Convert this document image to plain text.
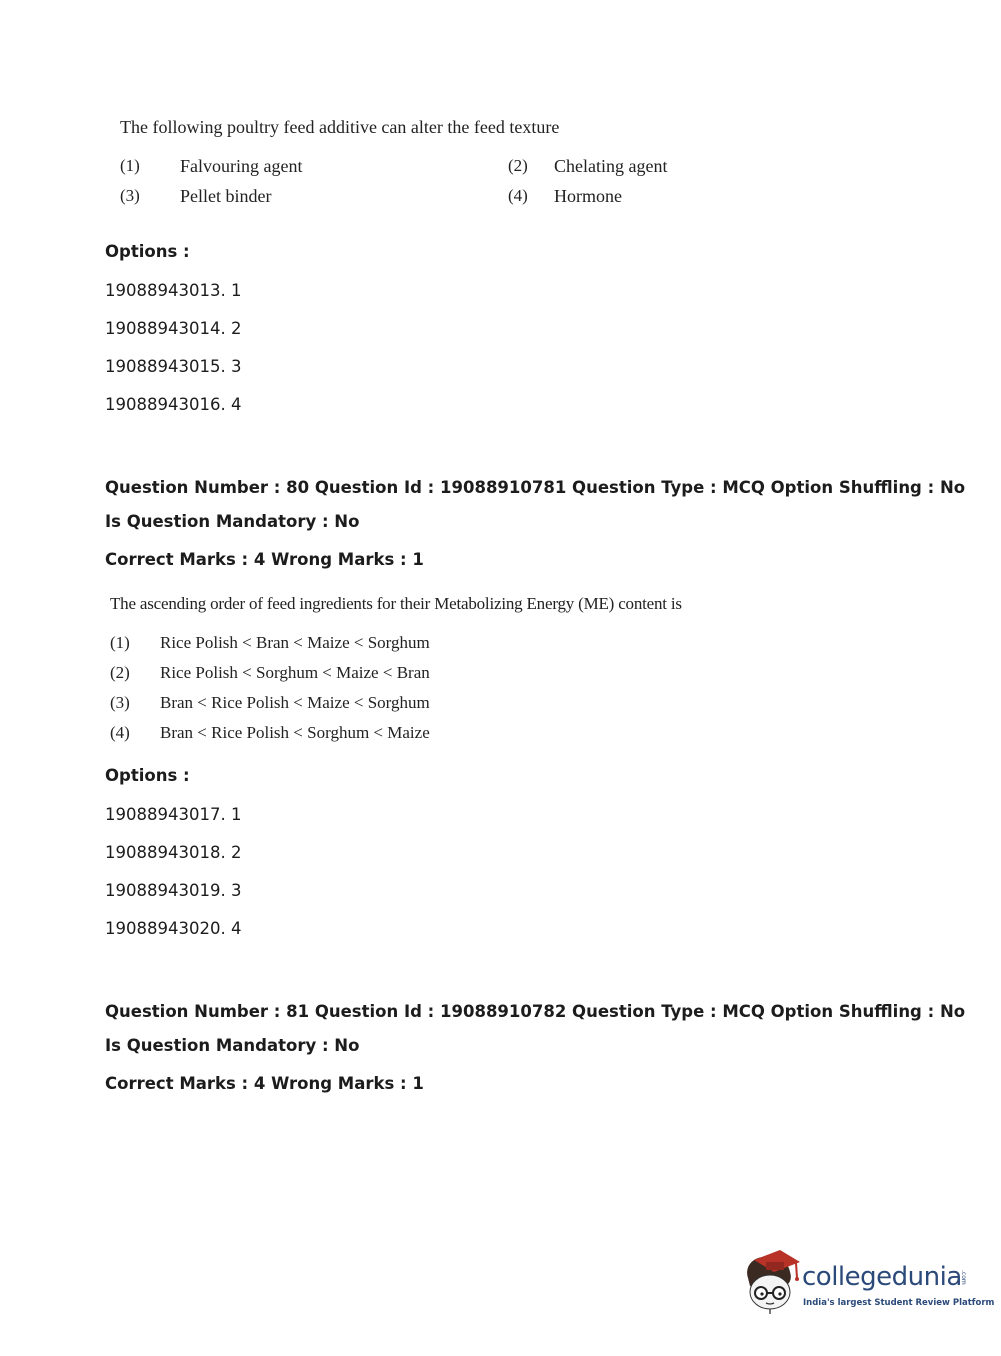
The following poultry feed additive can alter the feed texture
(1) Falvouring agent	(2) Chelating agent
(3) Pellet binder	(4) Hormone
Options :
19088943013. 1
19088943014. 2
19088943015. 3
19088943016. 4
Question Number : 80 Question Id : 19088910781 Question Type : MCQ Option Shuffling : No
Is Question Mandatory : No
Correct Marks : 4 Wrong Marks : 1
The ascending order of feed ingredients for their Metabolizing Energy (ME) content is
(1) Rice Polish < Bran < Maize < Sorghum
(2) Rice Polish < Sorghum < Maize < Bran
(3) Bran < Rice Polish < Maize < Sorghum
(4) Bran < Rice Polish < Sorghum < Maize
Options :
19088943017. 1
19088943018. 2
19088943019. 3
19088943020. 4
Question Number : 81 Question Id : 19088910782 Question Type : MCQ Option Shuffling : No
Is Question Mandatory : No
Correct Marks : 4 Wrong Marks : 1
collegedunia
.com
India's largest Student Review Platform
